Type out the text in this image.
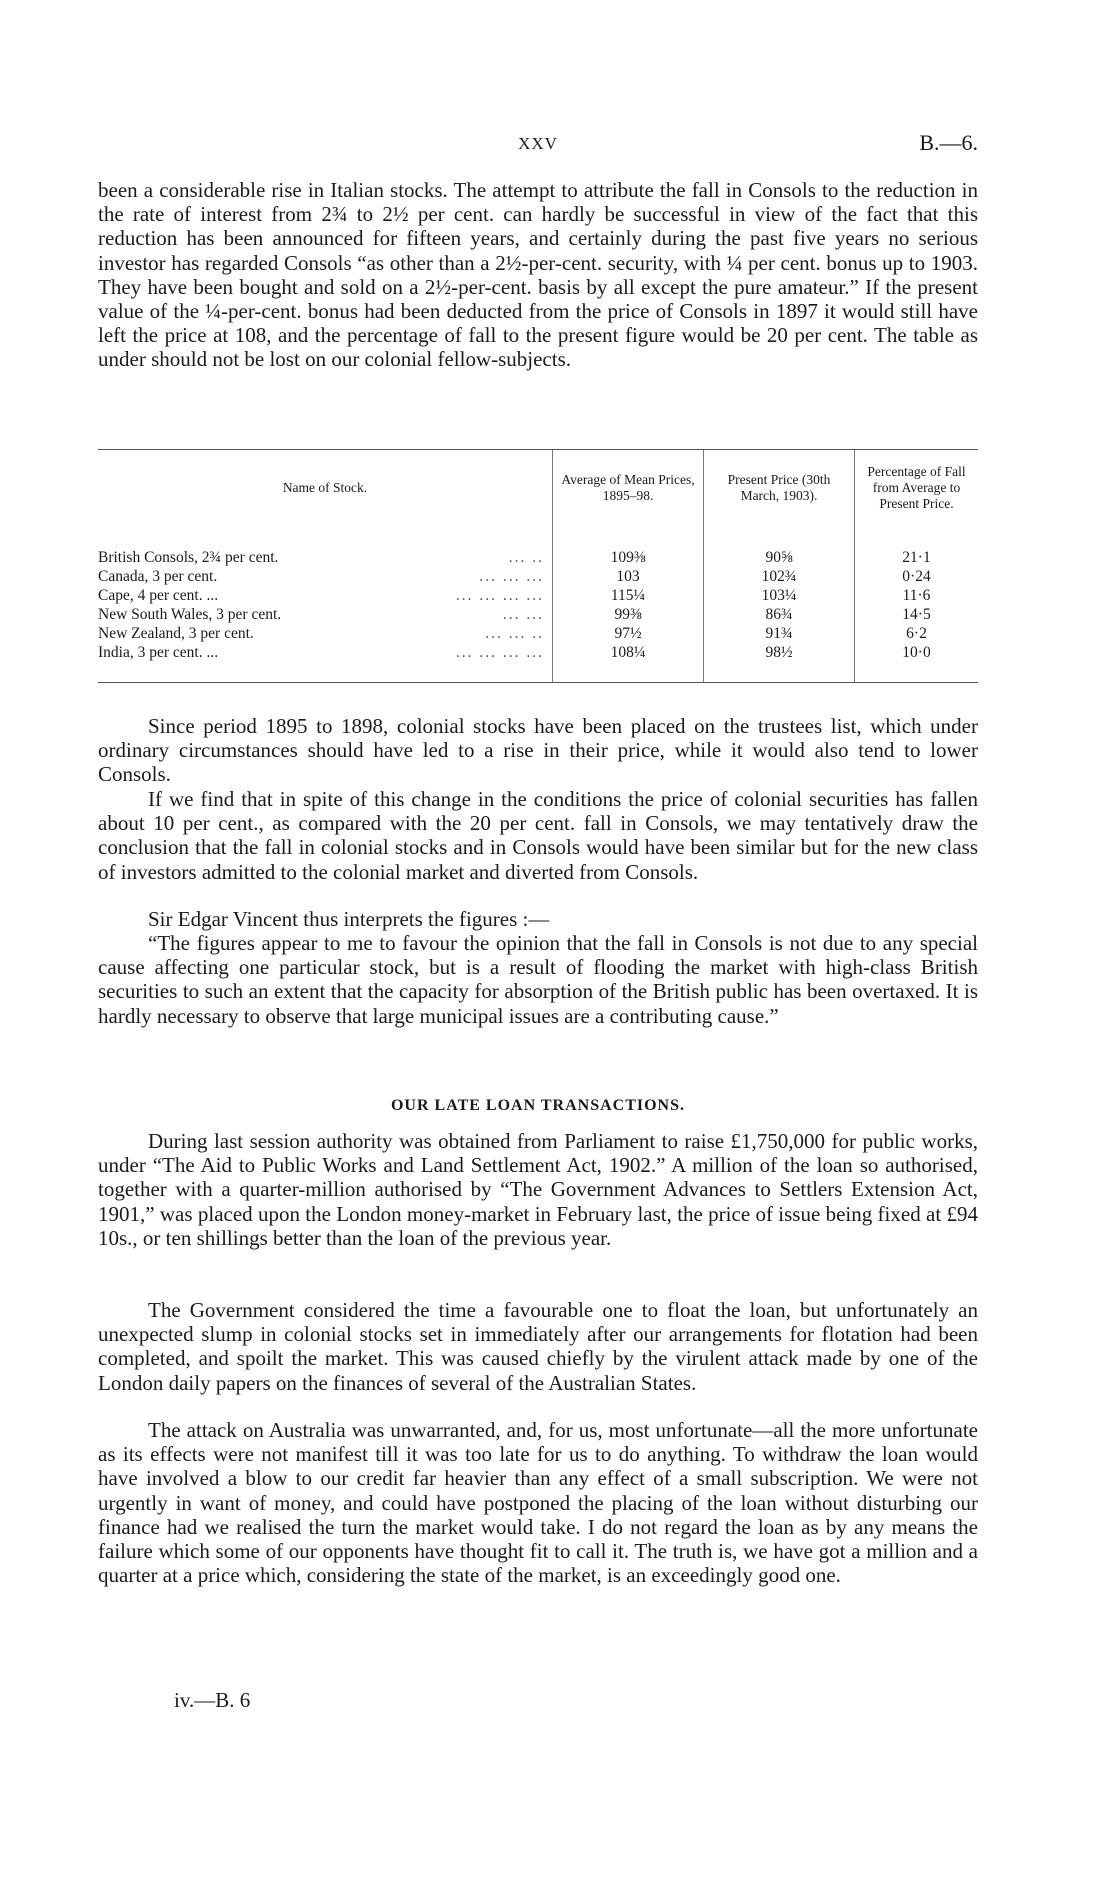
XXV	B.—6.

been a considerable rise in Italian stocks. The attempt to attribute the fall in Consols to the reduction in the rate of interest from 2¾ to 2½ per cent. can hardly be successful in view of the fact that this reduction has been announced for fifteen years, and certainly during the past five years no serious investor has regarded Consols “as other than a 2½-per-cent. security, with ¼ per cent. bonus up to 1903. They have been bought and sold on a 2½-per-cent. basis by all except the pure amateur.” If the present value of the ¼-per-cent. bonus had been deducted from the price of Consols in 1897 it would still have left the price at 108, and the percentage of fall to the present figure would be 20 per cent. The table as under should not be lost on our colonial fellow-subjects.

Name of Stock.	Average of Mean Prices, 1895–98.	Present Price (30th March, 1903).	Percentage of Fall from Average to Present Price.
British Consols, 2¾ per cent. ... ..	109⅜	90⅝	21·1
Canada, 3 per cent. ... ... ...	103	102¾	0·24
Cape, 4 per cent. ... ... ... ... ...	115¼	103¼	11·6
New South Wales, 3 per cent. ... ...	99⅜	86¾	14·5
New Zealand, 3 per cent. ... ... ..	97½	91¾	6·2
India, 3 per cent. ... ... ... ... ...	108¼	98½	10·0

Since period 1895 to 1898, colonial stocks have been placed on the trustees list, which under ordinary circumstances should have led to a rise in their price, while it would also tend to lower Consols.

If we find that in spite of this change in the conditions the price of colonial securities has fallen about 10 per cent., as compared with the 20 per cent. fall in Consols, we may tentatively draw the conclusion that the fall in colonial stocks and in Consols would have been similar but for the new class of investors admitted to the colonial market and diverted from Consols.

Sir Edgar Vincent thus interprets the figures :—

“The figures appear to me to favour the opinion that the fall in Consols is not due to any special cause affecting one particular stock, but is a result of flooding the market with high-class British securities to such an extent that the capacity for absorption of the British public has been overtaxed. It is hardly necessary to observe that large municipal issues are a contributing cause.”

OUR LATE LOAN TRANSACTIONS.

During last session authority was obtained from Parliament to raise £1,750,000 for public works, under “The Aid to Public Works and Land Settlement Act, 1902.” A million of the loan so authorised, together with a quarter-million authorised by “The Government Advances to Settlers Extension Act, 1901,” was placed upon the London money-market in February last, the price of issue being fixed at £94 10s., or ten shillings better than the loan of the previous year.

The Government considered the time a favourable one to float the loan, but unfortunately an unexpected slump in colonial stocks set in immediately after our arrangements for flotation had been completed, and spoilt the market. This was caused chiefly by the virulent attack made by one of the London daily papers on the finances of several of the Australian States.

The attack on Australia was unwarranted, and, for us, most unfortunate—all the more unfortunate as its effects were not manifest till it was too late for us to do anything. To withdraw the loan would have involved a blow to our credit far heavier than any effect of a small subscription. We were not urgently in want of money, and could have postponed the placing of the loan without disturbing our finance had we realised the turn the market would take. I do not regard the loan as by any means the failure which some of our opponents have thought fit to call it. The truth is, we have got a million and a quarter at a price which, considering the state of the market, is an exceedingly good one.

iv.—B. 6
